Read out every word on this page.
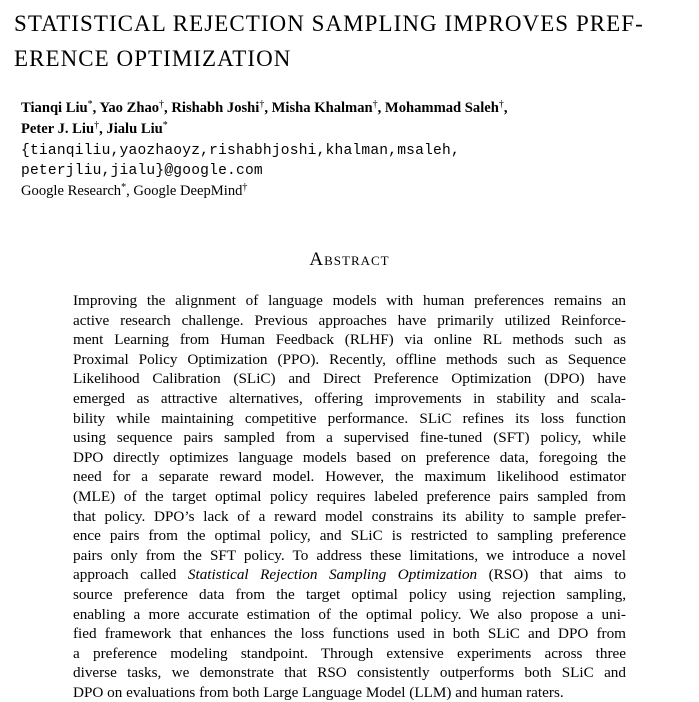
STATISTICAL REJECTION SAMPLING IMPROVES PREF-
ERENCE OPTIMIZATION
Tianqi Liu*, Yao Zhao†, Rishabh Joshi†, Misha Khalman†, Mohammad Saleh†,
Peter J. Liu†, Jialu Liu*
{tianqiliu,yaozhaoyz,rishabhjoshi,khalman,msaleh,
peterjliu,jialu}@google.com
Google Research*, Google DeepMind†
Abstract
Improving the alignment of language models with human preferences remains an
active research challenge. Previous approaches have primarily utilized Reinforce-
ment Learning from Human Feedback (RLHF) via online RL methods such as
Proximal Policy Optimization (PPO). Recently, offline methods such as Sequence
Likelihood Calibration (SLiC) and Direct Preference Optimization (DPO) have
emerged as attractive alternatives, offering improvements in stability and scala-
bility while maintaining competitive performance. SLiC refines its loss function
using sequence pairs sampled from a supervised fine-tuned (SFT) policy, while
DPO directly optimizes language models based on preference data, foregoing the
need for a separate reward model. However, the maximum likelihood estimator
(MLE) of the target optimal policy requires labeled preference pairs sampled from
that policy. DPO’s lack of a reward model constrains its ability to sample prefer-
ence pairs from the optimal policy, and SLiC is restricted to sampling preference
pairs only from the SFT policy. To address these limitations, we introduce a novel
approach called Statistical Rejection Sampling Optimization (RSO) that aims to
source preference data from the target optimal policy using rejection sampling,
enabling a more accurate estimation of the optimal policy. We also propose a uni-
fied framework that enhances the loss functions used in both SLiC and DPO from
a preference modeling standpoint. Through extensive experiments across three
diverse tasks, we demonstrate that RSO consistently outperforms both SLiC and
DPO on evaluations from both Large Language Model (LLM) and human raters.
